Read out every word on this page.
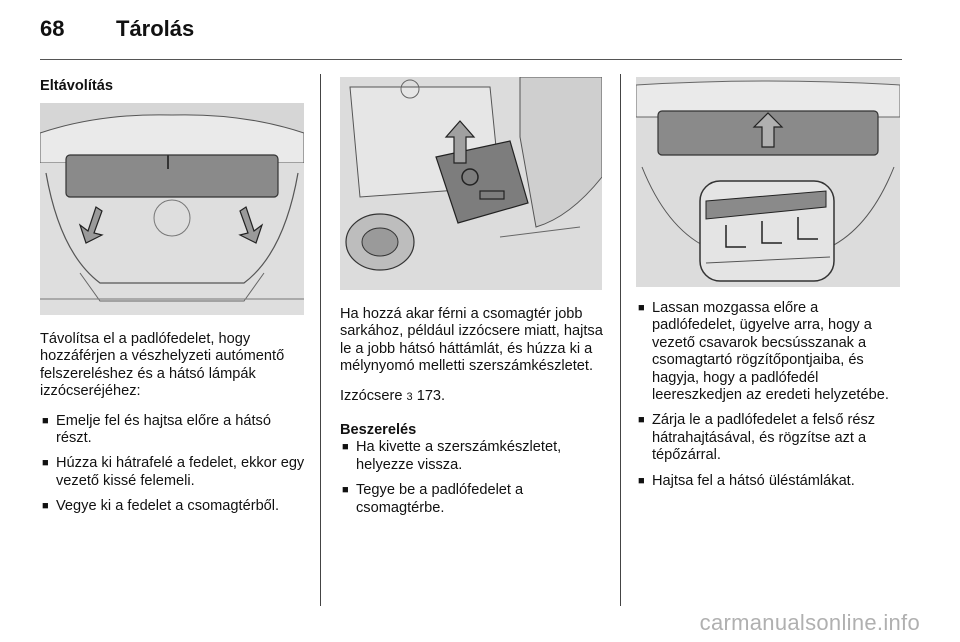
68 Tárolás
Eltávolítás

Távolítsa el a padlófedelet, hogy hozzáférjen a vészhelyzeti autómentő felszereléshez és a hátsó lámpák izzócseréjéhez:

■ Emelje fel és hajtsa előre a hátsó részt.
■ Húzza ki hátrafelé a fedelet, ekkor egy vezető kissé felemeli.
■ Vegye ki a fedelet a csomagtérből.

Ha hozzá akar férni a csomagtér jobb sarkához, például izzócsere miatt, hajtsa le a jobb hátsó háttámlát, és húzza ki a mélynyomó melletti szerszámkészletet.

Izzócsere 3 173.

Beszerelés
■ Ha kivette a szerszámkészletet, helyezze vissza.
■ Tegye be a padlófedelet a csomagtérbe.
■ Lassan mozgassa előre a padlófedelet, ügyelve arra, hogy a vezető csavarok becsússzanak a csomagtartó rögzítőpontjaiba, és hagyja, hogy a padlófedél leereszkedjen az eredeti helyzetébe.
■ Zárja le a padlófedelet a felső rész hátrahajtásával, és rögzítse azt a tépőzárral.
■ Hajtsa fel a hátsó üléstámlákat.
carmanualsonline.info
